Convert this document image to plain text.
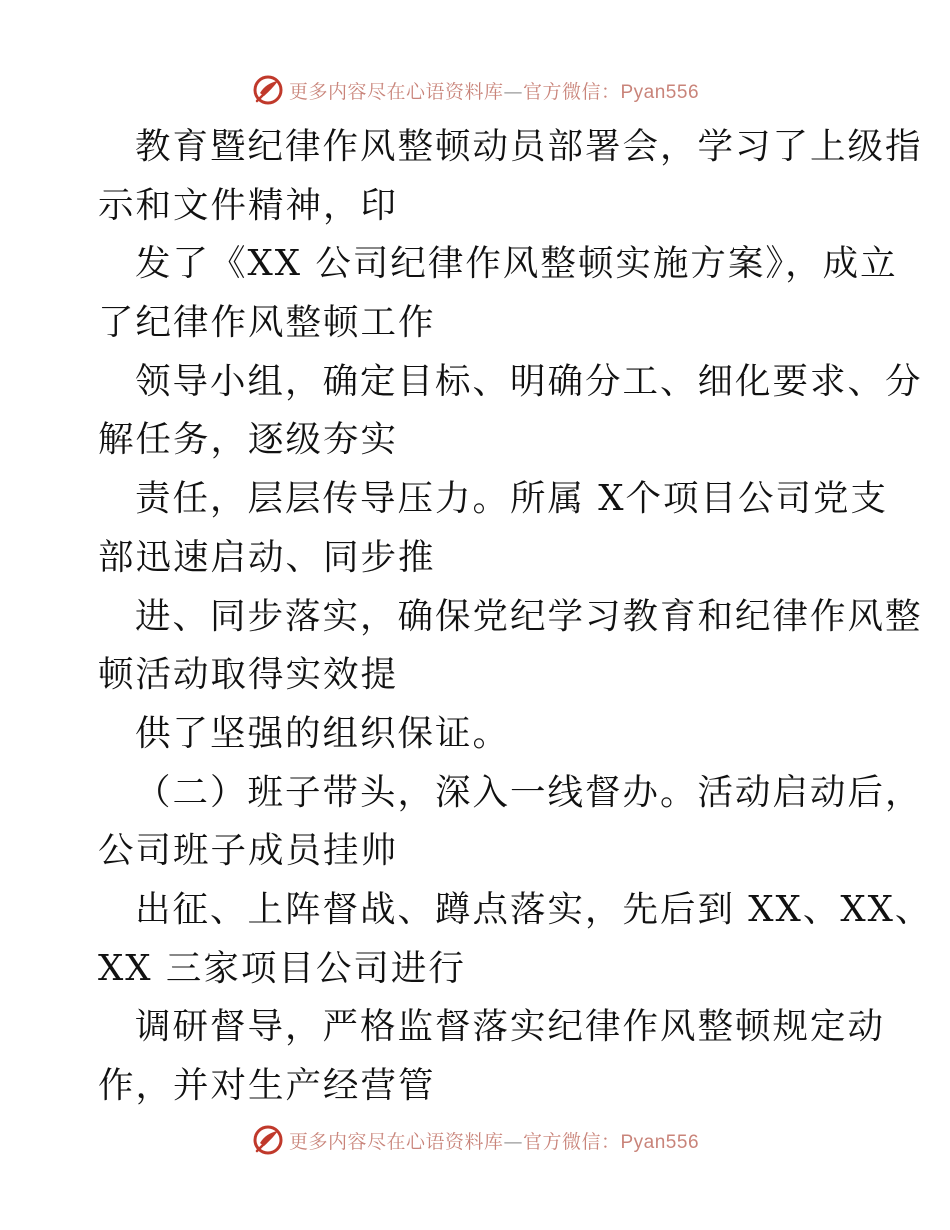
更多内容尽在心语资料库—官方微信：Pyan556
教育暨纪律作风整顿动员部署会，学习了上级指
示和文件精神，印
发了《XX 公司纪律作风整顿实施方案》，成立
了纪律作风整顿工作
领导小组，确定目标、明确分工、细化要求、分
解任务，逐级夯实
责任，层层传导压力。所属 X个项目公司党支
部迅速启动、同步推
进、同步落实，确保党纪学习教育和纪律作风整
顿活动取得实效提
供了坚强的组织保证。
（二）班子带头，深入一线督办。活动启动后，
公司班子成员挂帅
出征、上阵督战、蹲点落实，先后到 XX、XX、
XX 三家项目公司进行
调研督导，严格监督落实纪律作风整顿规定动
作，并对生产经营管
更多内容尽在心语资料库—官方微信：Pyan556
